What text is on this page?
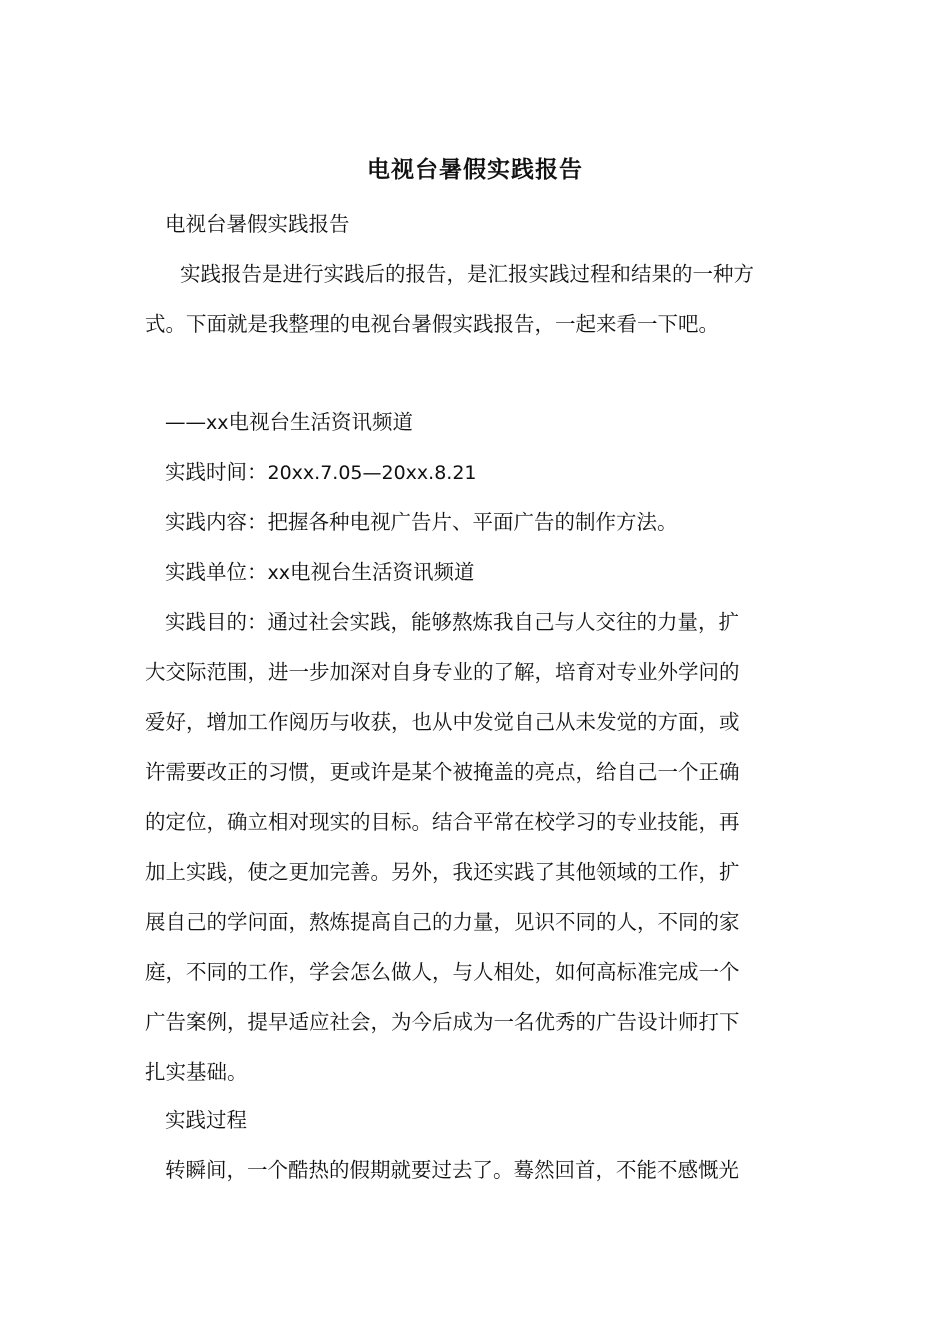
电视台暑假实践报告

电视台暑假实践报告

实践报告是进行实践后的报告，是汇报实践过程和结果的一种方

式。下面就是我整理的电视台暑假实践报告，一起来看一下吧。

——xx电视台生活资讯频道

实践时间：20xx.7.05—20xx.8.21

实践内容：把握各种电视广告片、平面广告的制作方法。

实践单位：xx电视台生活资讯频道

实践目的：通过社会实践，能够熬炼我自己与人交往的力量，扩

大交际范围，进一步加深对自身专业的了解，培育对专业外学问的

爱好，增加工作阅历与收获，也从中发觉自己从未发觉的方面，或

许需要改正的习惯，更或许是某个被掩盖的亮点，给自己一个正确

的定位，确立相对现实的目标。结合平常在校学习的专业技能，再

加上实践，使之更加完善。另外，我还实践了其他领域的工作，扩

展自己的学问面，熬炼提高自己的力量，见识不同的人，不同的家

庭，不同的工作，学会怎么做人，与人相处，如何高标准完成一个

广告案例，提早适应社会，为今后成为一名优秀的广告设计师打下

扎实基础。

实践过程

转瞬间，一个酷热的假期就要过去了。蓦然回首，不能不感慨光
